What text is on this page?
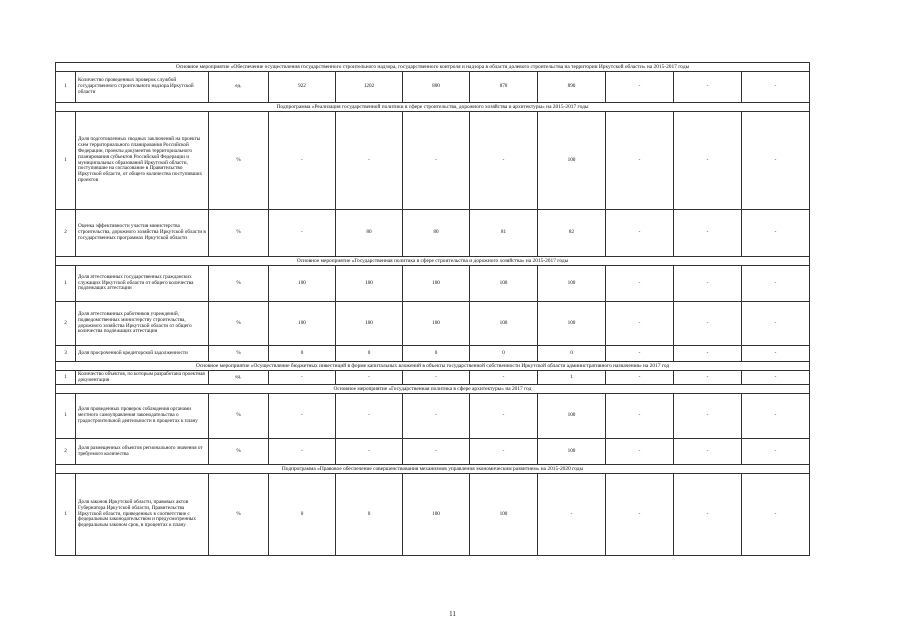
Основное мероприятие «Обеспечение осуществления государственного строительного надзора, государственного контроля и надзора в области долевого строительства на территории Иркутской области» на 2015-2017 годы										
1	Количество проведенных проверок службой государственного строительного надзора Иркутской области	ед.	922	1202	800	870	890	-	-	-
Подпрограмма «Реализация государственной политики в сфере строительства, дорожного хозяйства и архитектуры» на 2015-2017 годы										
1	Доля подготовленных сводных заключений на проекты схем территориального планирования Российской Федерации, проекты документов территориального планирования субъектов Российской Федерации и муниципальных образований Иркутской области, поступившие на согласование в Правительство Иркутской области, от общего количества поступивших проектов	%	-	-	-	-	100	-	-	-
2	Оценка эффективности участия министерства строительства, дорожного хозяйства Иркутской области в государственных программах Иркутской области	%	-	80	80	81	82	-	-	-
Основное мероприятие «Государственная политика в сфере строительства и дорожного хозяйства» на 2015-2017 годы										
1	Доля аттестованных государственных гражданских служащих Иркутской области от общего количества подлежащих аттестации	%	100	100	100	100	100	-	-	-
2	Доля аттестованных работников учреждений, подведомственных министерству строительства, дорожного хозяйства Иркутской области от общего количества подлежащих аттестации	%	100	100	100	100	100	-	-	-
3	Доля просроченной кредиторской задолженности	%	0	0	0	0	0	-	-	-
Основное мероприятие «Осуществление бюджетных инвестиций в форме капитальных вложений в объекты государственной собственности Иркутской области административного назначения» на 2017 год										
1	Количество объектов, по которым разработана проектная документация	ед.	-	-	-	-	1	-	-	-
Основное мероприятие «Государственная политика в сфере архитектуры» на 2017 год										
1	Доля проведенных проверок соблюдения органами местного самоуправления законодательства о градостроительной деятельности в процентах к плану	%	-	-	-	-	100	-	-	-
2	Доля размещенных объектов регионального значения от требуемого количества	%	-	-	-	-	100	-	-	-
Подпрограмма «Правовое обеспечение совершенствования механизмов управления экономическим развитием» на 2015-2020 годы										
1	Доля законов Иркутской области, правовых актов Губернатора Иркутской области, Правительства Иркутской области, приведенных в соответствие с федеральным законодательством и предусмотренных федеральным законом срок, в процентах к плану	%	0	0	100	100	-	-	-	-
11
